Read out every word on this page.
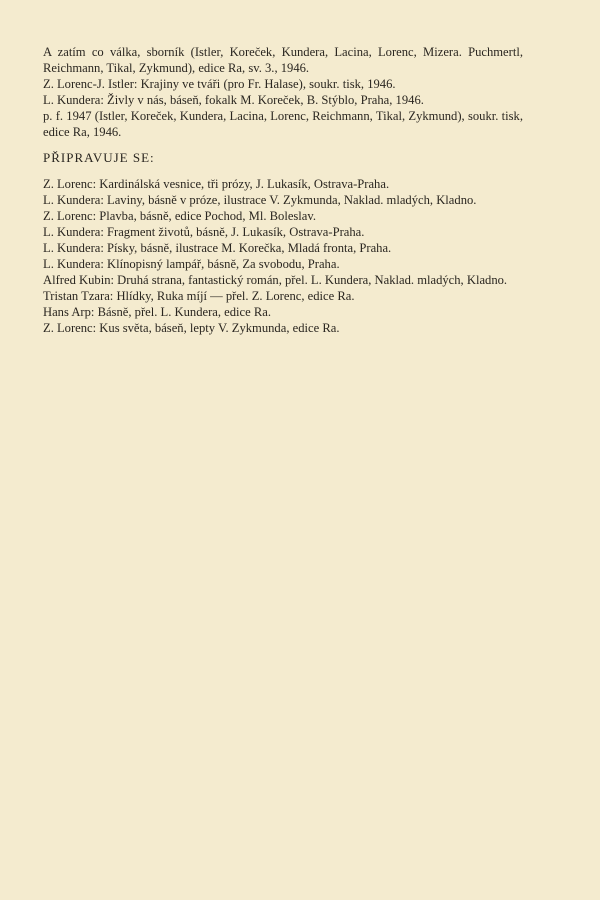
A zatím co válka, sborník (Istler, Koreček, Kundera, Lacina, Lorenc, Mizera. Puchmertl, Reichmann, Tikal, Zykmund), edice Ra, sv. 3., 1946.

Z. Lorenc-J. Istler: Krajiny ve tváři (pro Fr. Halase), soukr. tisk, 1946.

L. Kundera: Živly v nás, báseň, fokalk M. Koreček, B. Stýblo, Praha, 1946.

p. f. 1947 (Istler, Koreček, Kundera, Lacina, Lorenc, Reichmann, Tikal, Zykmund), soukr. tisk, edice Ra, 1946.

PŘIPRAVUJE SE:

Z. Lorenc: Kardinálská vesnice, tři prózy, J. Lukasík, Ostrava-Praha.

L. Kundera: Laviny, básně v próze, ilustrace V. Zykmunda, Naklad. mladých, Kladno.

Z. Lorenc: Plavba, básně, edice Pochod, Ml. Boleslav.

L. Kundera: Fragment životů, básně, J. Lukasík, Ostrava-Praha.

L. Kundera: Písky, básně, ilustrace M. Korečka, Mladá fronta, Praha.

L. Kundera: Klínopisný lampář, básně, Za svobodu, Praha.

Alfred Kubin: Druhá strana, fantastický román, přel. L. Kundera, Naklad. mladých, Kladno.

Tristan Tzara: Hlídky, Ruka míjí — přel. Z. Lorenc, edice Ra.

Hans Arp: Básně, přel. L. Kundera, edice Ra.

Z. Lorenc: Kus světa, báseň, lepty V. Zykmunda, edice Ra.
